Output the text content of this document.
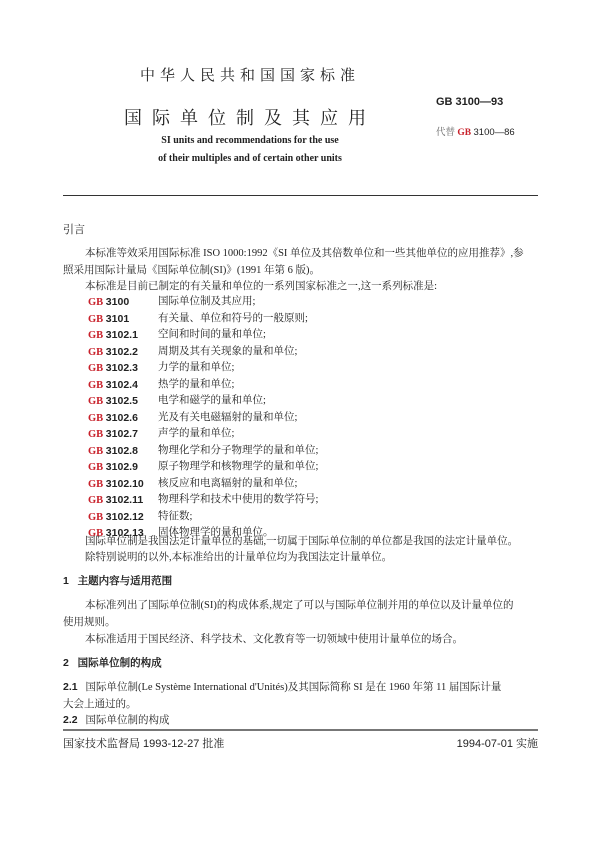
中华人民共和国国家标准
国际单位制及其应用
SI units and recommendations for the use
of their multiples and of certain other units
GB 3100—93
代替 GB 3100—86
引言
本标准等效采用国际标准 ISO 1000:1992《SI 单位及其倍数单位和一些其他单位的应用推荐》,参
照采用国际计量局《国际单位制(SI)》(1991 年第 6 版)。
本标准是目前已制定的有关量和单位的一系列国家标准之一,这一系列标准是:
GB 3100	国际单位制及其应用;
GB 3101	有关量、单位和符号的一般原则;
GB 3102.1	空间和时间的量和单位;
GB 3102.2	周期及其有关现象的量和单位;
GB 3102.3	力学的量和单位;
GB 3102.4	热学的量和单位;
GB 3102.5	电学和磁学的量和单位;
GB 3102.6	光及有关电磁辐射的量和单位;
GB 3102.7	声学的量和单位;
GB 3102.8	物理化学和分子物理学的量和单位;
GB 3102.9	原子物理学和核物理学的量和单位;
GB 3102.10	核反应和电离辐射的量和单位;
GB 3102.11	物理科学和技术中使用的数学符号;
GB 3102.12	特征数;
GB 3102.13	固体物理学的量和单位。
国际单位制是我国法定计量单位的基础,一切属于国际单位制的单位都是我国的法定计量单位。
除特别说明的以外,本标准给出的计量单位均为我国法定计量单位。
1 主题内容与适用范围
本标准列出了国际单位制(SI)的构成体系,规定了可以与国际单位制并用的单位以及计量单位的
使用规则。
本标准适用于国民经济、科学技术、文化教育等一切领域中使用计量单位的场合。
2 国际单位制的构成
2.1 国际单位制(Le Système International d'Unités)及其国际简称 SI 是在 1960 年第 11 届国际计量
大会上通过的。
2.2 国际单位制的构成
国家技术监督局 1993-12-27 批准	1994-07-01 实施
